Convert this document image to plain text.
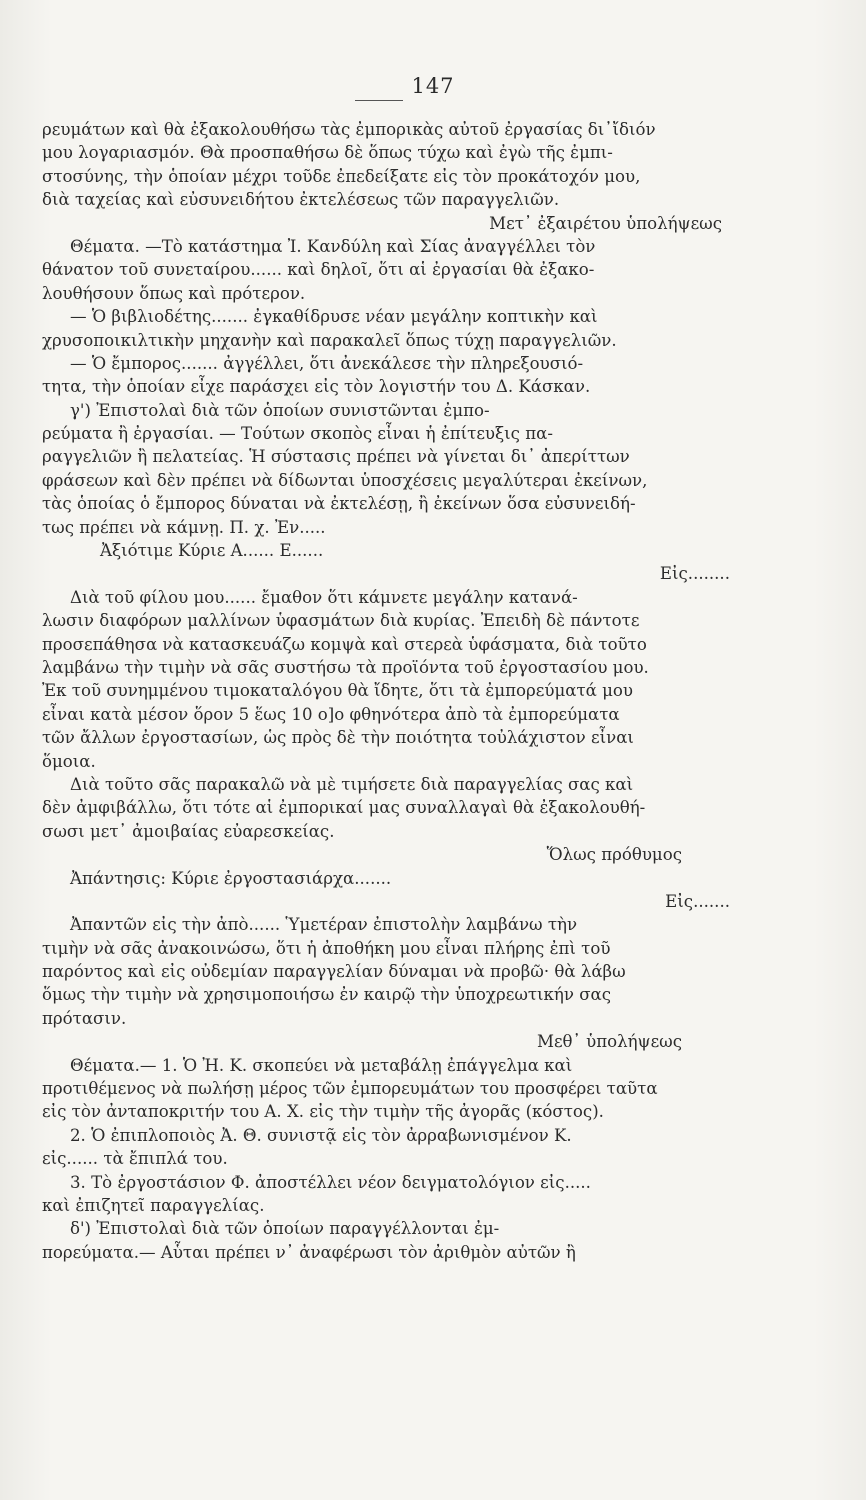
147
ρευμάτων καὶ θὰ ἐξακολουθήσω τὰς ἐμπορικὰς αὐτοῦ ἐργασίας δι᾽ἴδιόν
μου λογαριασμόν. Θὰ προσπαθήσω δὲ ὅπως τύχω καὶ ἐγὼ τῆς ἐμπι-
στοσύνης, τὴν ὁποίαν μέχρι τοῦδε ἐπεδείξατε εἰς τὸν προκάτοχόν μου,
διὰ ταχείας καὶ εὐσυνειδήτου ἐκτελέσεως τῶν παραγγελιῶν.
Μετ᾽ ἐξαιρέτου ὑπολήψεως
Θέματα. —Τὸ κατάστημα Ἰ. Κανδύλη καὶ Σίας ἀναγγέλλει τὸν
θάνατον τοῦ συνεταίρου...... καὶ δηλοῖ, ὅτι αἱ ἐργασίαι θὰ ἐξακο-
λουθήσουν ὅπως καὶ πρότερον.
— Ὁ βιβλιοδέτης....... ἐγκαθίδρυσε νέαν μεγάλην κοπτικὴν καὶ
χρυσοποικιλτικὴν μηχανὴν καὶ παρακαλεῖ ὅπως τύχῃ παραγγελιῶν.
— Ὁ ἔμπορος....... ἀγγέλλει, ὅτι ἀνεκάλεσε τὴν πληρεξουσιό-
τητα, τὴν ὁποίαν εἶχε παράσχει εἰς τὸν λογιστήν του Δ. Κάσκαν.
γ') Ἐπιστολαὶ διὰ τῶν ὁποίων συνιστῶνται ἐμπο-
ρεύματα ἢ ἐργασίαι. — Τούτων σκοπὸς εἶναι ἡ ἐπίτευξις πα-
ραγγελιῶν ἢ πελατείας. Ἡ σύστασις πρέπει νὰ γίνεται δι᾽ ἀπερίττων
φράσεων καὶ δὲν πρέπει νὰ δίδωνται ὑποσχέσεις μεγαλύτεραι ἐκείνων,
τὰς ὁποίας ὁ ἔμπορος δύναται νὰ ἐκτελέσῃ, ἢ ἐκείνων ὅσα εὐσυνειδή-
τως πρέπει νὰ κάμνῃ. Π. χ. Ἐν.....
Ἀξιότιμε Κύριε Α...... Ε......
Εἰς........
Διὰ τοῦ φίλου μου...... ἔμαθον ὅτι κάμνετε μεγάλην κατανά-
λωσιν διαφόρων μαλλίνων ὑφασμάτων διὰ κυρίας. Ἐπειδὴ δὲ πάντοτε
προσεπάθησα νὰ κατασκευάζω κομψὰ καὶ στερεὰ ὑφάσματα, διὰ τοῦτο
λαμβάνω τὴν τιμὴν νὰ σᾶς συστήσω τὰ προϊόντα τοῦ ἐργοστασίου μου.
Ἐκ τοῦ συνημμένου τιμοκαταλόγου θὰ ἴδητε, ὅτι τὰ ἐμπορεύματά μου
εἶναι κατὰ μέσον ὅρον 5 ἕως 10 ο]ο φθηνότερα ἀπὸ τὰ ἐμπορεύματα
τῶν ἄλλων ἐργοστασίων, ὡς πρὸς δὲ τὴν ποιότητα τοὐλάχιστον εἶναι
ὅμοια.
Διὰ τοῦτο σᾶς παρακαλῶ νὰ μὲ τιμήσετε διὰ παραγγελίας σας καὶ
δὲν ἀμφιβάλλω, ὅτι τότε αἱ ἐμπορικαί μας συναλλαγαὶ θὰ ἐξακολουθή-
σωσι μετ᾽ ἀμοιβαίας εὐαρεσκείας.
Ὅλως πρόθυμος
Ἀπάντησις: Κύριε ἐργοστασιάρχα.......
Εἰς.......
Ἀπαντῶν εἰς τὴν ἀπὸ...... Ὑμετέραν ἐπιστολὴν λαμβάνω τὴν
τιμὴν νὰ σᾶς ἀνακοινώσω, ὅτι ἡ ἀποθήκη μου εἶναι πλήρης ἐπὶ τοῦ
παρόντος καὶ εἰς οὐδεμίαν παραγγελίαν δύναμαι νὰ προβῶ· θὰ λάβω
ὅμως τὴν τιμὴν νὰ χρησιμοποιήσω ἐν καιρῷ τὴν ὑποχρεωτικήν σας
πρότασιν.
Μεθ᾽ ὑπολήψεως
Θέματα.— 1. Ὁ Ἠ. Κ. σκοπεύει νὰ μεταβάλῃ ἐπάγγελμα καὶ
προτιθέμενος νὰ πωλήσῃ μέρος τῶν ἐμπορευμάτων του προσφέρει ταῦτα
εἰς τὸν ἀνταποκριτήν του Α. Χ. εἰς τὴν τιμὴν τῆς ἀγορᾶς (κόστος).
2. Ὁ ἐπιπλοποιὸς Ἀ. Θ. συνιστᾷ εἰς τὸν ἀρραβωνισμένον Κ.
εἰς...... τὰ ἔπιπλά του.
3. Τὸ ἐργοστάσιον Φ. ἀποστέλλει νέον δειγματολόγιον εἰς.....
καὶ ἐπιζητεῖ παραγγελίας.
δ') Ἐπιστολαὶ διὰ τῶν ὁποίων παραγγέλλονται ἐμ-
πορεύματα.— Αὗται πρέπει ν᾽ ἀναφέρωσι τὸν ἀριθμὸν αὐτῶν ἢ
